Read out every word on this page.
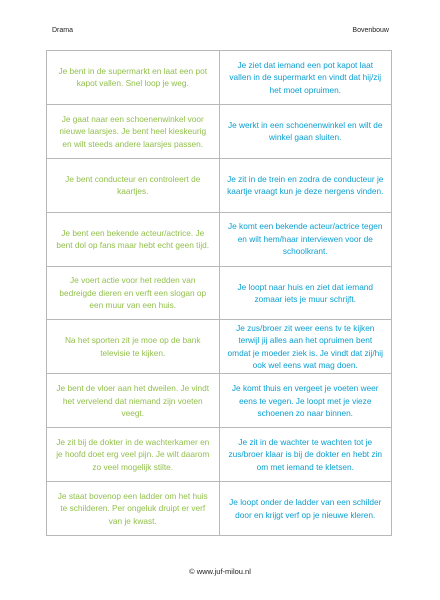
Drama	Bovenbouw
Je bent in de supermarkt en laat een pot kapot vallen. Snel loop je weg.	Je ziet dat iemand een pot kapot laat vallen in de supermarkt en vindt dat hij/zij het moet opruimen.
Je gaat naar een schoenenwinkel voor nieuwe laarsjes. Je bent heel kieskeurig en wilt steeds andere laarsjes passen.	Je werkt in een schoenenwinkel en wilt de winkel gaan sluiten.
Je bent conducteur en controleert de kaartjes.	Je zit in de trein en zodra de conducteur je kaartje vraagt kun je deze nergens vinden.
Je bent een bekende acteur/actrice. Je bent dol op fans maar hebt echt geen tijd.	Je komt een bekende acteur/actrice tegen en wilt hem/haar interviewen voor de schoolkrant.
Je voert actie voor het redden van bedreigde dieren en verft een slogan op een muur van een huis.	Je loopt naar huis en ziet dat iemand zomaar iets je muur schrijft.
Na het sporten zit je moe op de bank televisie te kijken.	Je zus/broer zit weer eens tv te kijken terwijl jij alles aan het opruimen bent omdat je moeder ziek is. Je vindt dat zij/hij ook wel eens wat mag doen.
Je bent de vloer aan het dweilen. Je vindt het vervelend dat niemand zijn voeten veegt.	Je komt thuis en vergeet je voeten weer eens te vegen. Je loopt met je vieze schoenen zo naar binnen.
Je zit bij de dokter in de wachterkamer en je hoofd doet erg veel pijn. Je wilt daarom zo veel mogelijk stilte.	Je zit in de wachter te wachten tot je zus/broer klaar is bij de dokter en hebt zin om met iemand te kletsen.
Je staat bovenop een ladder om het huis te schilderen. Per ongeluk druipt er verf van je kwast.	Je loopt onder de ladder van een schilder door en krijgt verf op je nieuwe kleren.
© www.juf-milou.nl
